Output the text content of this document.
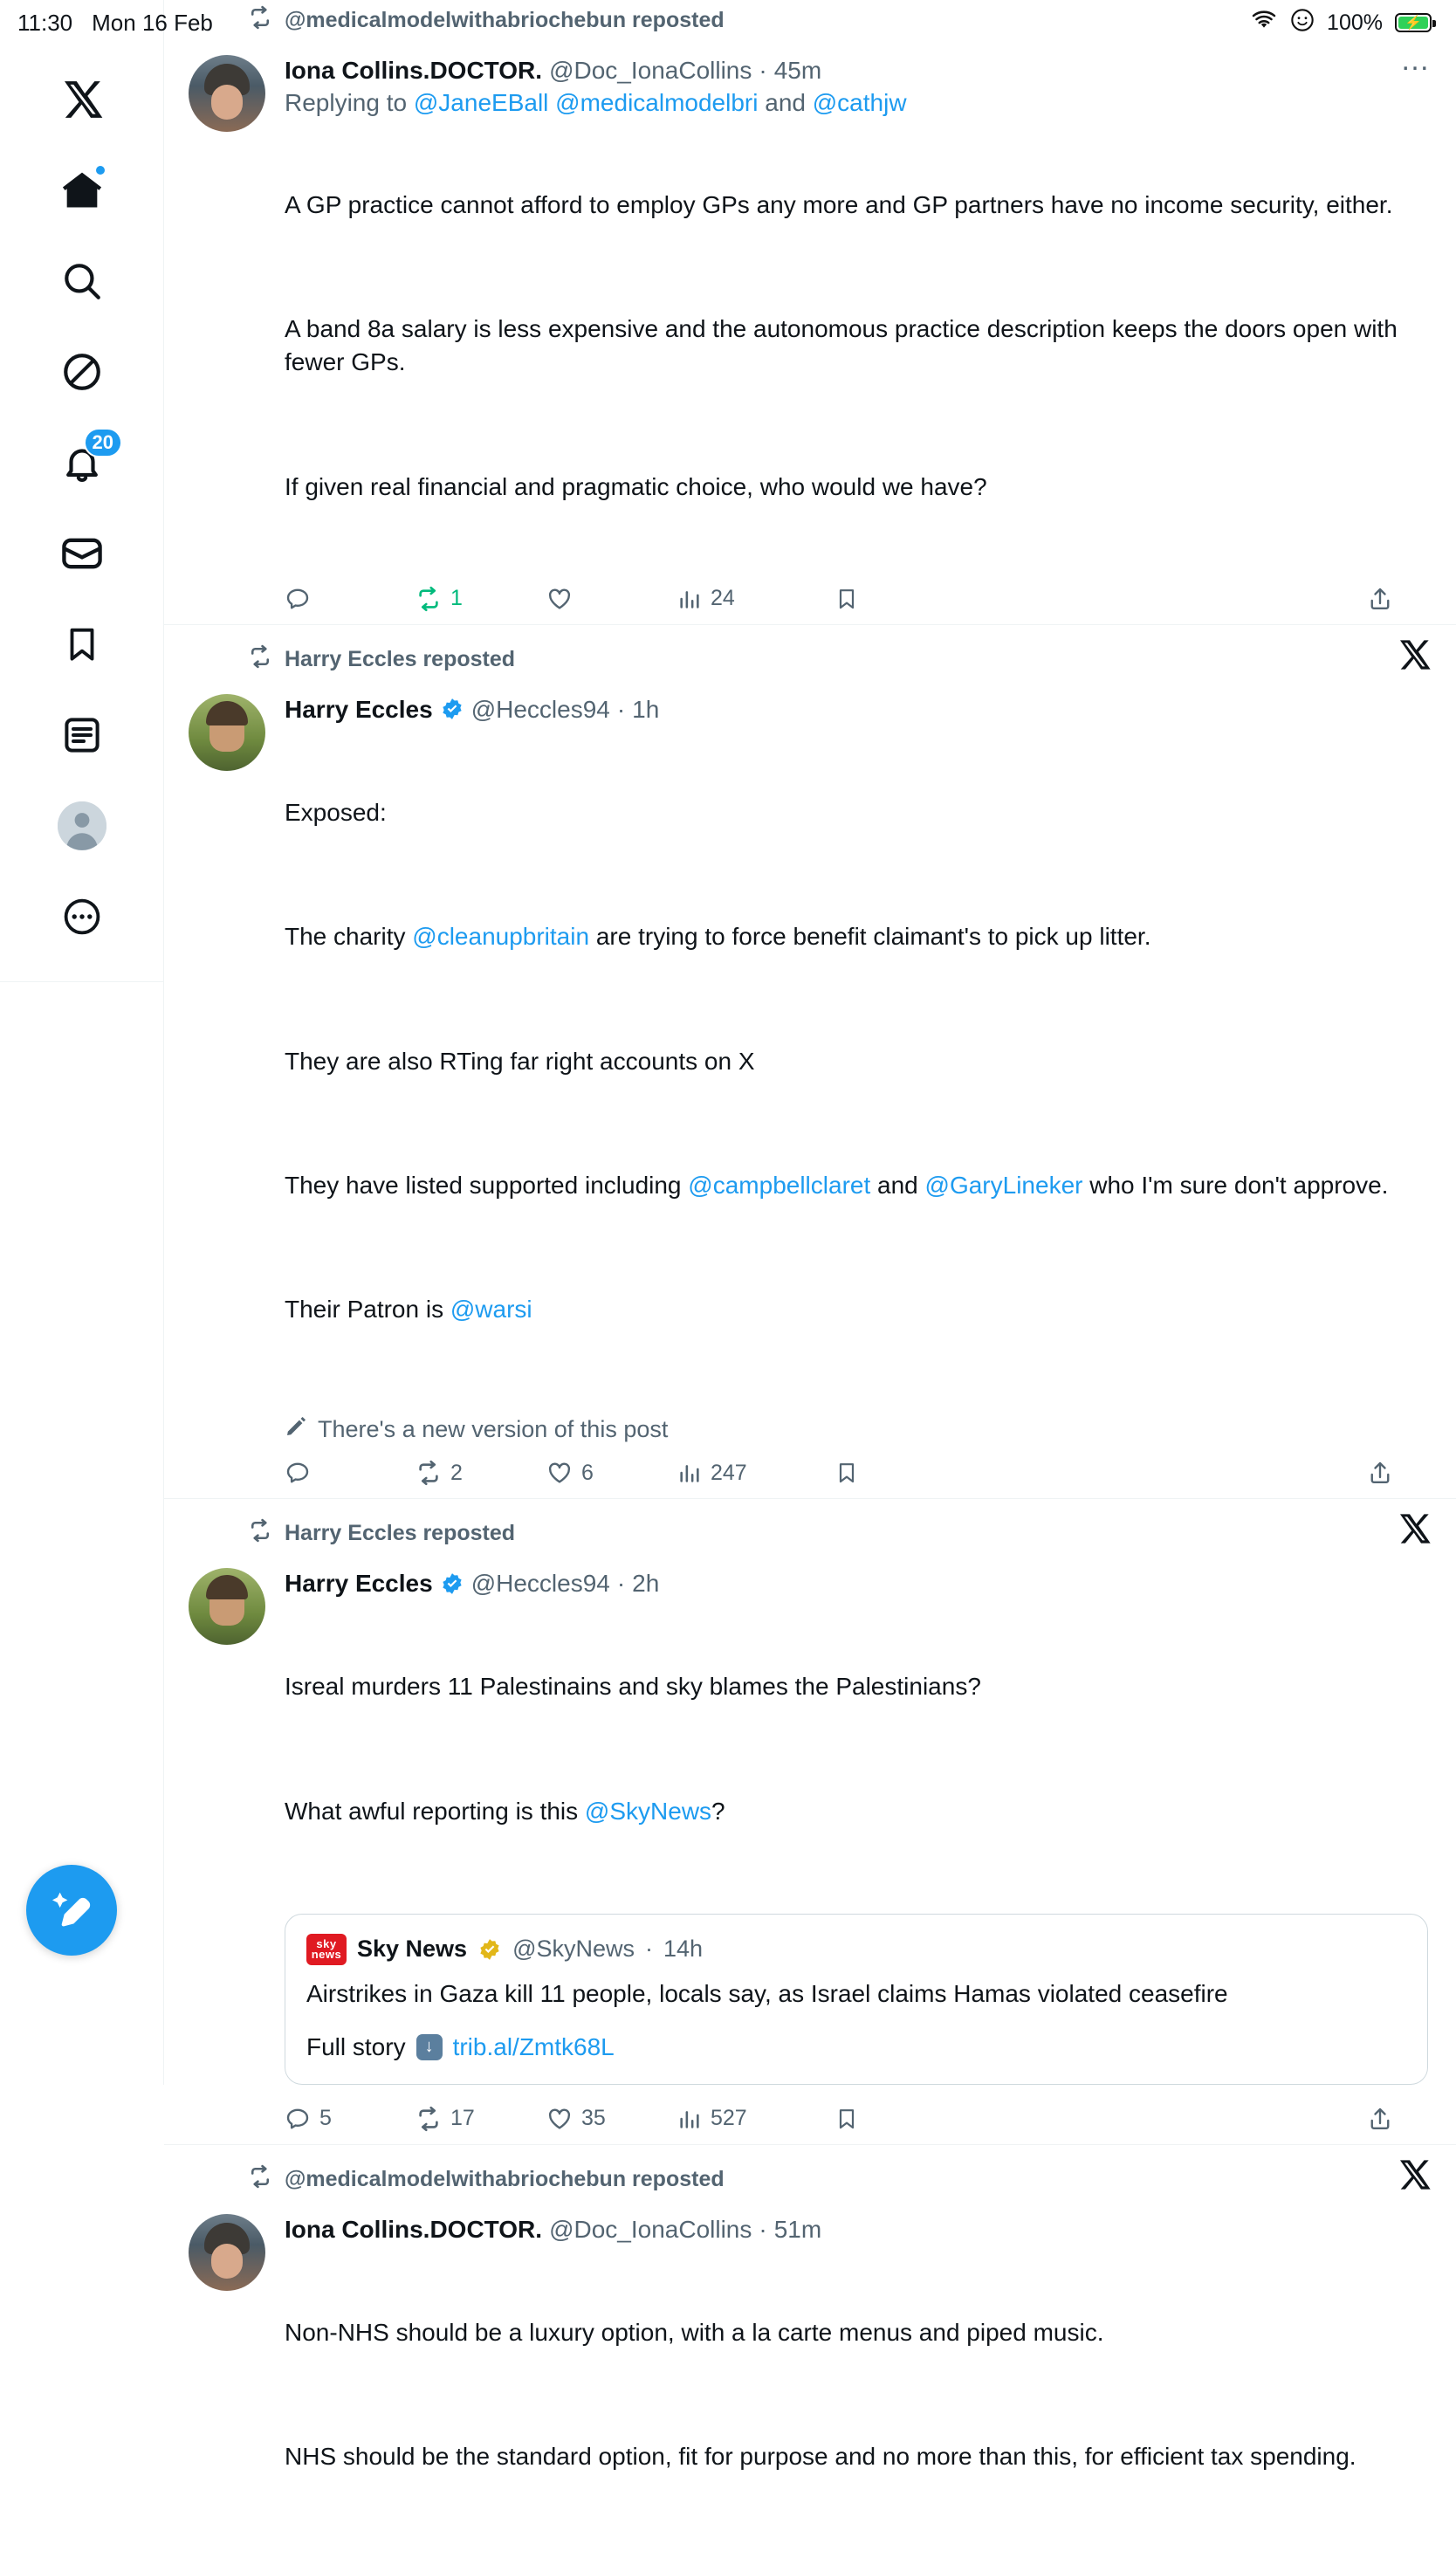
11:30 Mon 16 Feb	100% ⚡
20
@medicalmodelwithabriochebun reposted
Iona Collins.DOCTOR. @Doc_IonaCollins · 45m
Replying to @JaneEBall @medicalmodelbri and @cathjw

A GP practice cannot afford to employ GPs any more and GP partners have no income security, either.

A band 8a salary is less expensive and the autonomous practice description keeps the doors open with fewer GPs.

If given real financial and pragmatic choice, who would we have?

1	24
…
Harry Eccles reposted
Harry Eccles @Heccles94 · 1h

Exposed:

The charity @cleanupbritain are trying to force benefit claimant's to pick up litter.

They are also RTing far right accounts on X

They have listed supported including @campbellclaret and @GaryLineker who I'm sure don't approve.

Their Patron is @warsi

There's a new version of this post
2	6	247
Harry Eccles reposted
Harry Eccles @Heccles94 · 2h

Isreal murders 11 Palestinains and sky blames the Palestinians?

What awful reporting is this @SkyNews?

sky
news Sky News @SkyNews · 14h
Airstrikes in Gaza kill 11 people, locals say, as Israel claims Hamas violated ceasefire
Full story	↓ trib.al/Zmtk68L
5	17	35	527
@medicalmodelwithabriochebun reposted
Iona Collins.DOCTOR. @Doc_IonaCollins · 51m

Non-NHS should be a luxury option, with a la carte menus and piped music.

NHS should be the standard option, fit for purpose and no more than this, for efficient tax spending.
